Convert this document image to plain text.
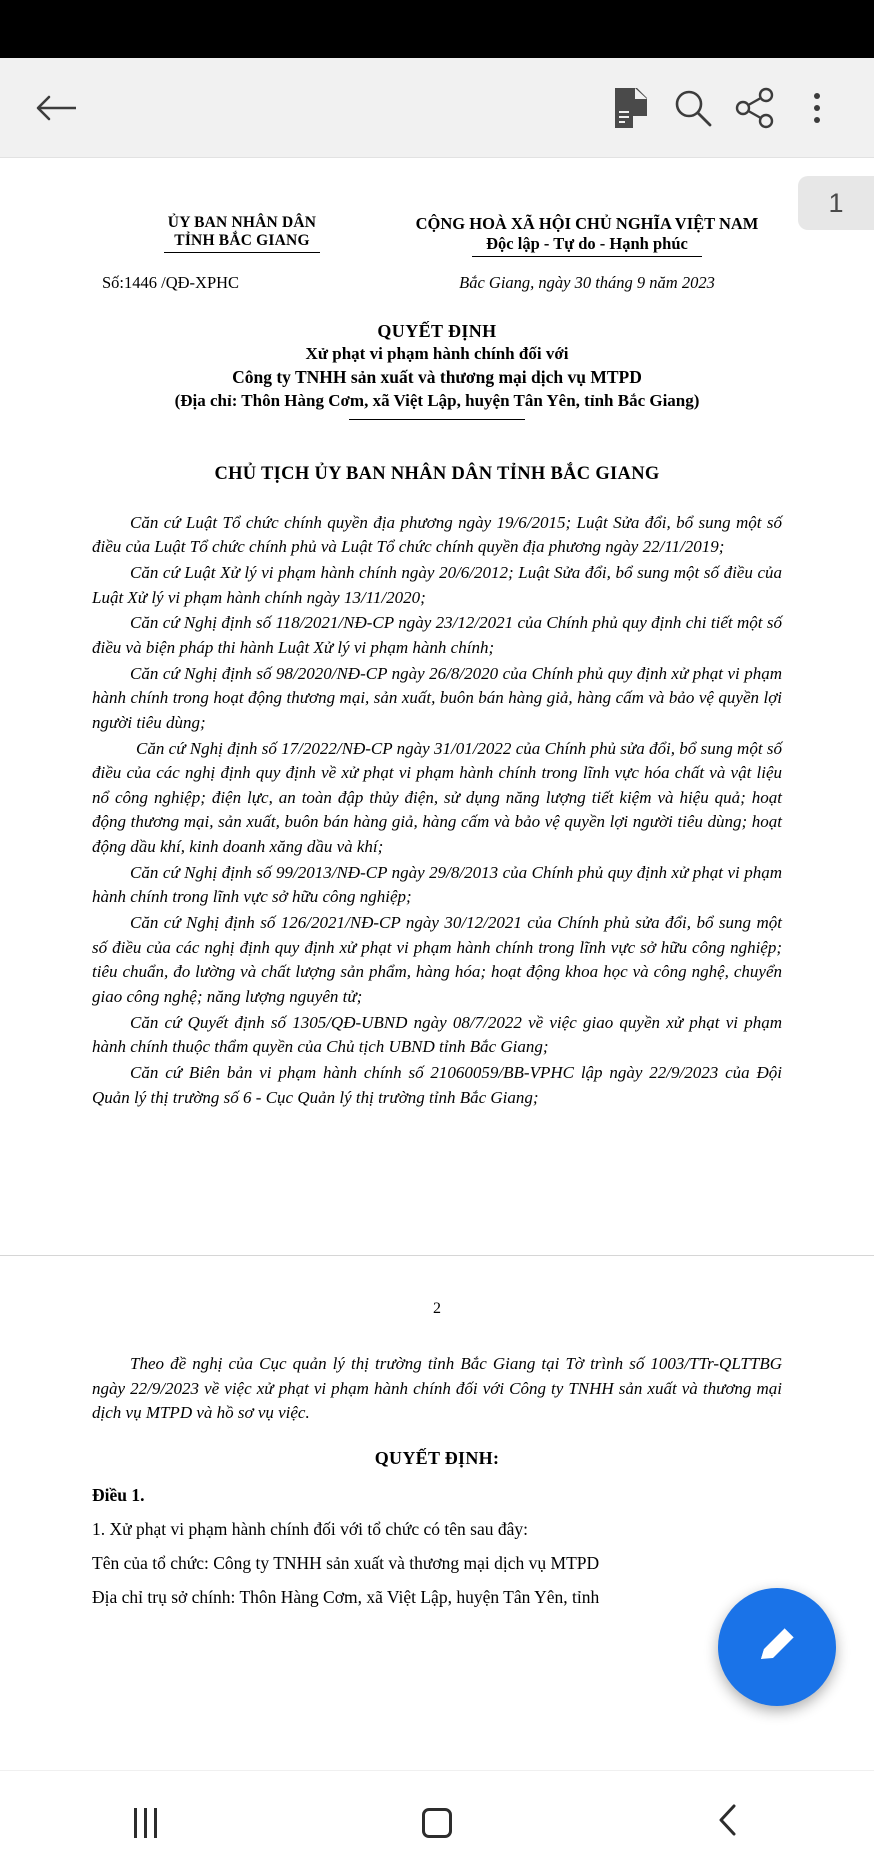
1
ỦY BAN NHÂN DÂN
TỈNH BẮC GIANG
CỘNG HOÀ XÃ HỘI CHỦ NGHĨA VIỆT NAM
Độc lập - Tự do - Hạnh phúc
Số:1446 /QĐ-XPHC	Bắc Giang, ngày 30 tháng 9 năm 2023
QUYẾT ĐỊNH
Xử phạt vi phạm hành chính đối với
Công ty TNHH sản xuất và thương mại dịch vụ MTPD
(Địa chỉ: Thôn Hàng Cơm, xã Việt Lập, huyện Tân Yên, tỉnh Bắc Giang)
CHỦ TỊCH ỦY BAN NHÂN DÂN TỈNH BẮC GIANG

Căn cứ Luật Tổ chức chính quyền địa phương ngày 19/6/2015; Luật Sửa đổi, bổ sung một số điều của Luật Tổ chức chính phủ và Luật Tổ chức chính quyền địa phương ngày 22/11/2019;

Căn cứ Luật Xử lý vi phạm hành chính ngày 20/6/2012; Luật Sửa đổi, bổ sung một số điều của Luật Xử lý vi phạm hành chính ngày 13/11/2020;

Căn cứ Nghị định số 118/2021/NĐ-CP ngày 23/12/2021 của Chính phủ quy định chi tiết một số điều và biện pháp thi hành Luật Xử lý vi phạm hành chính;

Căn cứ Nghị định số 98/2020/NĐ-CP ngày 26/8/2020 của Chính phủ quy định xử phạt vi phạm hành chính trong hoạt động thương mại, sản xuất, buôn bán hàng giả, hàng cấm và bảo vệ quyền lợi người tiêu dùng;

Căn cứ Nghị định số 17/2022/NĐ-CP ngày 31/01/2022 của Chính phủ sửa đổi, bổ sung một số điều của các nghị định quy định về xử phạt vi phạm hành chính trong lĩnh vực hóa chất và vật liệu nổ công nghiệp; điện lực, an toàn đập thủy điện, sử dụng năng lượng tiết kiệm và hiệu quả; hoạt động thương mại, sản xuất, buôn bán hàng giả, hàng cấm và bảo vệ quyền lợi người tiêu dùng; hoạt động dầu khí, kinh doanh xăng dầu và khí;

Căn cứ Nghị định số 99/2013/NĐ-CP ngày 29/8/2013 của Chính phủ quy định xử phạt vi phạm hành chính trong lĩnh vực sở hữu công nghiệp;

Căn cứ Nghị định số 126/2021/NĐ-CP ngày 30/12/2021 của Chính phủ sửa đổi, bổ sung một số điều của các nghị định quy định xử phạt vi phạm hành chính trong lĩnh vực sở hữu công nghiệp; tiêu chuẩn, đo lường và chất lượng sản phẩm, hàng hóa; hoạt động khoa học và công nghệ, chuyển giao công nghệ; năng lượng nguyên tử;

Căn cứ Quyết định số 1305/QĐ-UBND ngày 08/7/2022 về việc giao quyền xử phạt vi phạm hành chính thuộc thẩm quyền của Chủ tịch UBND tỉnh Bắc Giang;

Căn cứ Biên bản vi phạm hành chính số 21060059/BB-VPHC lập ngày 22/9/2023 của Đội Quản lý thị trường số 6 - Cục Quản lý thị trường tỉnh Bắc Giang;

2

Theo đề nghị của Cục quản lý thị trường tỉnh Bắc Giang tại Tờ trình số 1003/TTr-QLTTBG ngày 22/9/2023 về việc xử phạt vi phạm hành chính đối với Công ty TNHH sản xuất và thương mại dịch vụ MTPD và hồ sơ vụ việc.

QUYẾT ĐỊNH:
Điều 1.
1. Xử phạt vi phạm hành chính đối với tổ chức có tên sau đây:
Tên của tổ chức: Công ty TNHH sản xuất và thương mại dịch vụ MTPD
Địa chỉ trụ sở chính: Thôn Hàng Cơm, xã Việt Lập, huyện Tân Yên, tỉnh
